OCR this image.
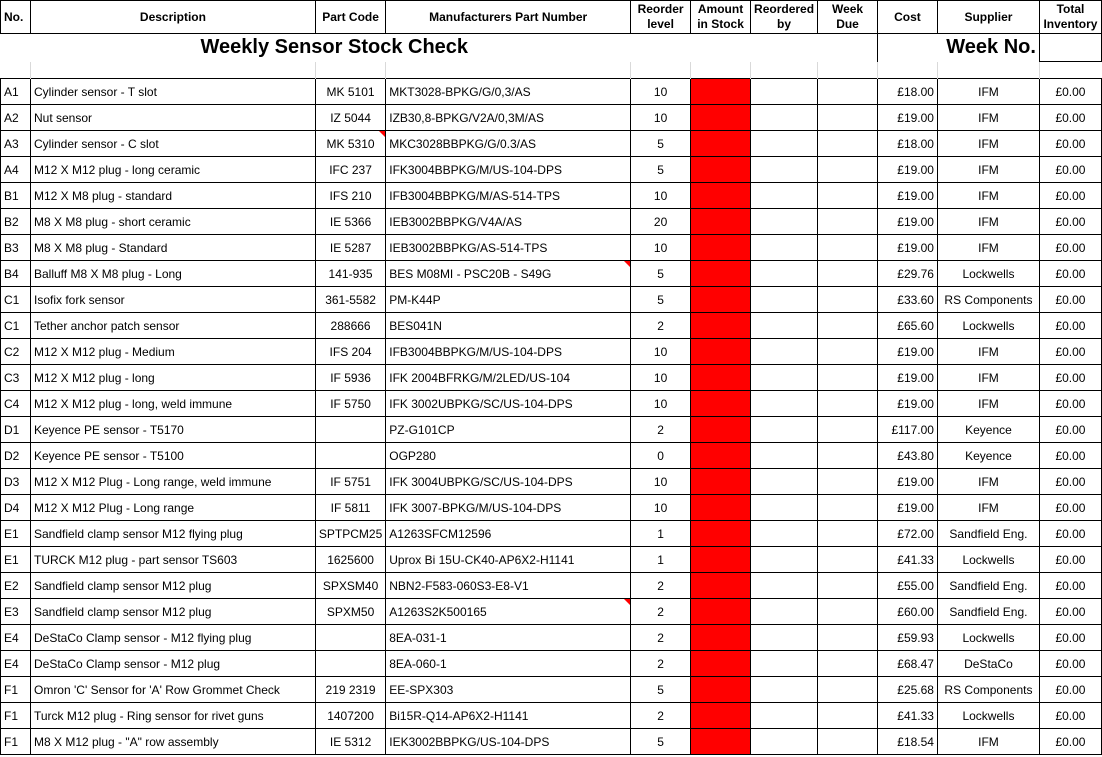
Weekly Sensor Stock Check								Week No.		

No.	Description	Part Code	Manufacturers Part Number	Reorder level	Amount in Stock	Reordered by	Week Due	Cost	Supplier	Total Inventory
A1	Cylinder sensor - T slot	MK 5101	MKT3028-BPKG/G/0,3/AS	10				£18.00	IFM	£0.00
A2	Nut sensor	IZ 5044	IZB30,8-BPKG/V2A/0,3M/AS	10				£19.00	IFM	£0.00
A3	Cylinder sensor - C slot	MK 5310	MKC3028BBPKG/G/0.3/AS	5				£18.00	IFM	£0.00
A4	M12 X M12 plug - long ceramic	IFC 237	IFK3004BBPKG/M/US-104-DPS	5				£19.00	IFM	£0.00
B1	M12 X M8 plug - standard	IFS 210	IFB3004BBPKG/M/AS-514-TPS	10				£19.00	IFM	£0.00
B2	M8 X M8 plug - short ceramic	IE 5366	IEB3002BBPKG/V4A/AS	20				£19.00	IFM	£0.00
B3	M8 X M8 plug - Standard	IE 5287	IEB3002BBPKG/AS-514-TPS	10				£19.00	IFM	£0.00
B4	Balluff M8 X M8 plug - Long	141-935	BES M08MI - PSC20B - S49G	5				£29.76	Lockwells	£0.00
C1	Isofix fork sensor	361-5582	PM-K44P	5				£33.60	RS Components	£0.00
C1	Tether anchor patch sensor	288666	BES041N	2				£65.60	Lockwells	£0.00
C2	M12 X M12 plug - Medium	IFS 204	IFB3004BBPKG/M/US-104-DPS	10				£19.00	IFM	£0.00
C3	M12 X M12 plug - long	IF 5936	IFK 2004BFRKG/M/2LED/US-104	10				£19.00	IFM	£0.00
C4	M12 X M12 plug - long, weld immune	IF 5750	IFK 3002UBPKG/SC/US-104-DPS	10				£19.00	IFM	£0.00
D1	Keyence PE sensor - T5170		PZ-G101CP	2				£117.00	Keyence	£0.00
D2	Keyence PE sensor - T5100		OGP280	0				£43.80	Keyence	£0.00
D3	M12 X M12 Plug - Long range, weld immune	IF 5751	IFK 3004UBPKG/SC/US-104-DPS	10				£19.00	IFM	£0.00
D4	M12 X M12 Plug - Long range	IF 5811	IFK 3007-BPKG/M/US-104-DPS	10				£19.00	IFM	£0.00
E1	Sandfield clamp sensor M12 flying plug	SPTPCM25	A1263SFCM12596	1				£72.00	Sandfield Eng.	£0.00
E1	TURCK M12 plug - part sensor TS603	1625600	Uprox Bi 15U-CK40-AP6X2-H1141	1				£41.33	Lockwells	£0.00
E2	Sandfield clamp sensor M12 plug	SPXSM40	NBN2-F583-060S3-E8-V1	2				£55.00	Sandfield Eng.	£0.00
E3	Sandfield clamp sensor M12 plug	SPXM50	A1263S2K500165	2				£60.00	Sandfield Eng.	£0.00
E4	DeStaCo Clamp sensor - M12 flying plug		8EA-031-1	2				£59.93	Lockwells	£0.00
E4	DeStaCo Clamp sensor - M12 plug		8EA-060-1	2				£68.47	DeStaCo	£0.00
F1	Omron 'C' Sensor for 'A' Row Grommet Check	219 2319	EE-SPX303	5				£25.68	RS Components	£0.00
F1	Turck M12 plug - Ring sensor for rivet guns	1407200	Bi15R-Q14-AP6X2-H1141	2				£41.33	Lockwells	£0.00
F1	M8 X M12 plug - "A" row assembly	IE 5312	IEK3002BBPKG/US-104-DPS	5				£18.54	IFM	£0.00
